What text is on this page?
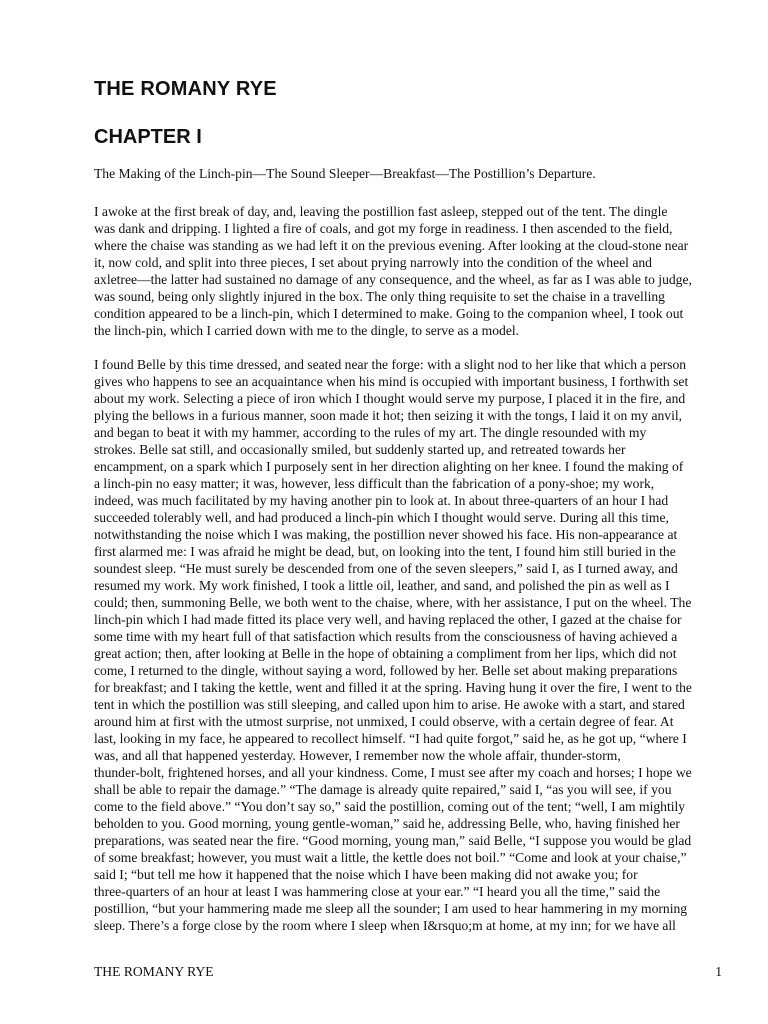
THE ROMANY RYE
CHAPTER I

The Making of the Linch-pin—The Sound Sleeper—Breakfast—The Postillion’s Departure.

I awoke at the first break of day, and, leaving the postillion fast asleep, stepped out of the tent. The dingle
was dank and dripping. I lighted a fire of coals, and got my forge in readiness. I then ascended to the field,
where the chaise was standing as we had left it on the previous evening. After looking at the cloud-stone near
it, now cold, and split into three pieces, I set about prying narrowly into the condition of the wheel and
axletree—the latter had sustained no damage of any consequence, and the wheel, as far as I was able to judge,
was sound, being only slightly injured in the box. The only thing requisite to set the chaise in a travelling
condition appeared to be a linch-pin, which I determined to make. Going to the companion wheel, I took out
the linch-pin, which I carried down with me to the dingle, to serve as a model.

I found Belle by this time dressed, and seated near the forge: with a slight nod to her like that which a person
gives who happens to see an acquaintance when his mind is occupied with important business, I forthwith set
about my work. Selecting a piece of iron which I thought would serve my purpose, I placed it in the fire, and
plying the bellows in a furious manner, soon made it hot; then seizing it with the tongs, I laid it on my anvil,
and began to beat it with my hammer, according to the rules of my art. The dingle resounded with my
strokes. Belle sat still, and occasionally smiled, but suddenly started up, and retreated towards her
encampment, on a spark which I purposely sent in her direction alighting on her knee. I found the making of
a linch-pin no easy matter; it was, however, less difficult than the fabrication of a pony-shoe; my work,
indeed, was much facilitated by my having another pin to look at. In about three-quarters of an hour I had
succeeded tolerably well, and had produced a linch-pin which I thought would serve. During all this time,
notwithstanding the noise which I was making, the postillion never showed his face. His non-appearance at
first alarmed me: I was afraid he might be dead, but, on looking into the tent, I found him still buried in the
soundest sleep. “He must surely be descended from one of the seven sleepers,” said I, as I turned away, and
resumed my work. My work finished, I took a little oil, leather, and sand, and polished the pin as well as I
could; then, summoning Belle, we both went to the chaise, where, with her assistance, I put on the wheel. The
linch-pin which I had made fitted its place very well, and having replaced the other, I gazed at the chaise for
some time with my heart full of that satisfaction which results from the consciousness of having achieved a
great action; then, after looking at Belle in the hope of obtaining a compliment from her lips, which did not
come, I returned to the dingle, without saying a word, followed by her. Belle set about making preparations
for breakfast; and I taking the kettle, went and filled it at the spring. Having hung it over the fire, I went to the
tent in which the postillion was still sleeping, and called upon him to arise. He awoke with a start, and stared
around him at first with the utmost surprise, not unmixed, I could observe, with a certain degree of fear. At
last, looking in my face, he appeared to recollect himself. “I had quite forgot,” said he, as he got up, “where I
was, and all that happened yesterday. However, I remember now the whole affair, thunder-storm,
thunder-bolt, frightened horses, and all your kindness. Come, I must see after my coach and horses; I hope we
shall be able to repair the damage.” “The damage is already quite repaired,” said I, “as you will see, if you
come to the field above.” “You don’t say so,” said the postillion, coming out of the tent; “well, I am mightily
beholden to you. Good morning, young gentle-woman,” said he, addressing Belle, who, having finished her
preparations, was seated near the fire. “Good morning, young man,” said Belle, “I suppose you would be glad
of some breakfast; however, you must wait a little, the kettle does not boil.” “Come and look at your chaise,”
said I; “but tell me how it happened that the noise which I have been making did not awake you; for
three-quarters of an hour at least I was hammering close at your ear.” “I heard you all the time,” said the
postillion, “but your hammering made me sleep all the sounder; I am used to hear hammering in my morning
sleep. There’s a forge close by the room where I sleep when I&rsquo;m at home, at my inn; for we have all

THE ROMANY RYE	1
